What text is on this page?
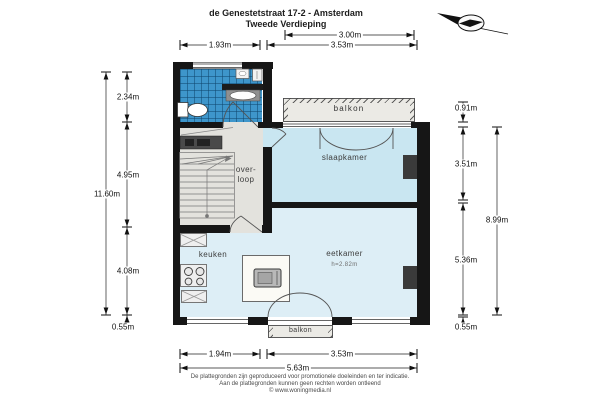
de Genestetstraat 17-2 - Amsterdam
Tweede Verdieping
over-
loop
slaapkamer
eetkamer
h=2.82m
keuken
balkon
balkon
3.00m
1.93m	3.53m
2.34m
4.95m
4.08m
0.55m
11.60m
0.91m
3.51m
5.36m
0.55m
8.99m
1.94m	3.53m
5.63m
De plattegronden zijn geproduceerd voor promotionele doeleinden en ter indicatie.
Aan de plattegronden kunnen geen rechten worden ontleend
© www.woningmedia.nl
